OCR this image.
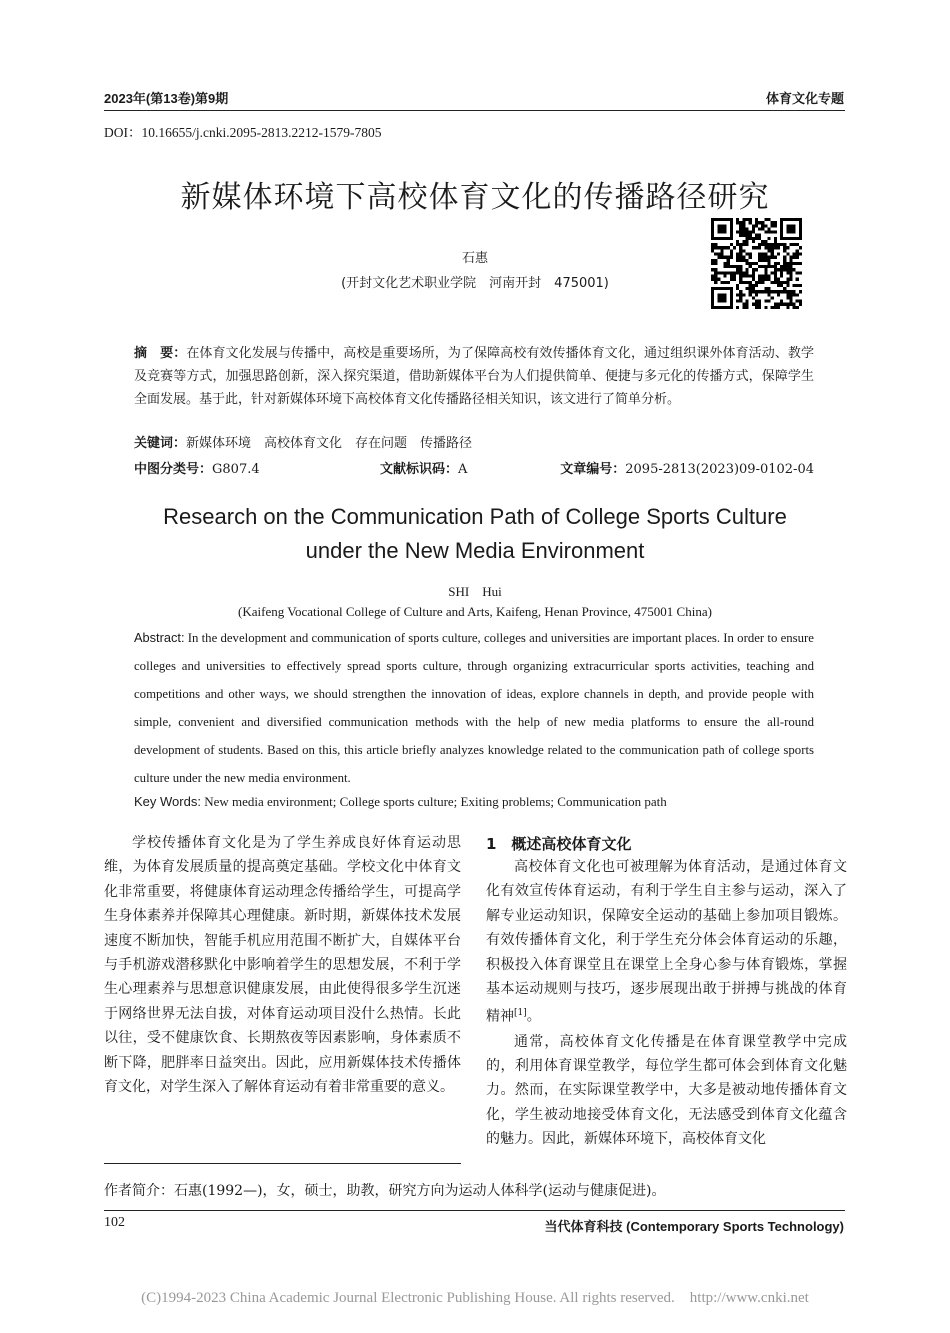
2023年(第13卷)第9期	体育文化专题
DOI：10.16655/j.cnki.2095-2813.2212-1579-7805
新媒体环境下高校体育文化的传播路径研究
石惠
(开封文化艺术职业学院　河南开封　475001)
摘　要：在体育文化发展与传播中，高校是重要场所，为了保障高校有效传播体育文化，通过组织课外体育活动、教学及竞赛等方式，加强思路创新，深入探究渠道，借助新媒体平台为人们提供简单、便捷与多元化的传播方式，保障学生全面发展。基于此，针对新媒体环境下高校体育文化传播路径相关知识，该文进行了简单分析。
关键词：新媒体环境　高校体育文化　存在问题　传播路径
中图分类号：G807.4	文献标识码：A	文章编号：2095-2813(2023)09-0102-04
Research on the Communication Path of College Sports Culture
under the New Media Environment
SHI　Hui
(Kaifeng Vocational College of Culture and Arts, Kaifeng, Henan Province, 475001 China)
Abstract: In the development and communication of sports culture, colleges and universities are important places. In order to ensure colleges and universities to effectively spread sports culture, through organizing extracurricular sports activities, teaching and competitions and other ways, we should strengthen the innovation of ideas, explore channels in depth, and provide people with simple, convenient and diversified communication methods with the help of new media platforms to ensure the all-round development of students. Based on this, this article briefly analyzes knowledge related to the communication path of college sports culture under the new media environment.
Key Words: New media environment; College sports culture; Exiting problems; Communication path

学校传播体育文化是为了学生养成良好体育运动思维，为体育发展质量的提高奠定基础。学校文化中体育文化非常重要，将健康体育运动理念传播给学生，可提高学生身体素养并保障其心理健康。新时期，新媒体技术发展速度不断加快，智能手机应用范围不断扩大，自媒体平台与手机游戏潜移默化中影响着学生的思想发展，不利于学生心理素养与思想意识健康发展，由此使得很多学生沉迷于网络世界无法自拔，对体育运动项目没什么热情。长此以往，受不健康饮食、长期熬夜等因素影响，身体素质不断下降，肥胖率日益突出。因此，应用新媒体技术传播体育文化，对学生深入了解体育运动有着非常重要的意义。

1　概述高校体育文化

高校体育文化也可被理解为体育活动，是通过体育文化有效宣传体育运动，有利于学生自主参与运动，深入了解专业运动知识，保障安全运动的基础上参加项目锻炼。有效传播体育文化，利于学生充分体会体育运动的乐趣，积极投入体育课堂且在课堂上全身心参与体育锻炼，掌握基本运动规则与技巧，逐步展现出敢于拼搏与挑战的体育精神[1]。

通常，高校体育文化传播是在体育课堂教学中完成的，利用体育课堂教学，每位学生都可体会到体育文化魅力。然而，在实际课堂教学中，大多是被动地传播体育文化，学生被动地接受体育文化，无法感受到体育文化蕴含的魅力。因此，新媒体环境下，高校体育文化

作者简介：石惠(1992—)，女，硕士，助教，研究方向为运动人体科学(运动与健康促进)。
102	当代体育科技 (Contemporary Sports Technology)
(C)1994-2023 China Academic Journal Electronic Publishing House. All rights reserved.　http://www.cnki.net
